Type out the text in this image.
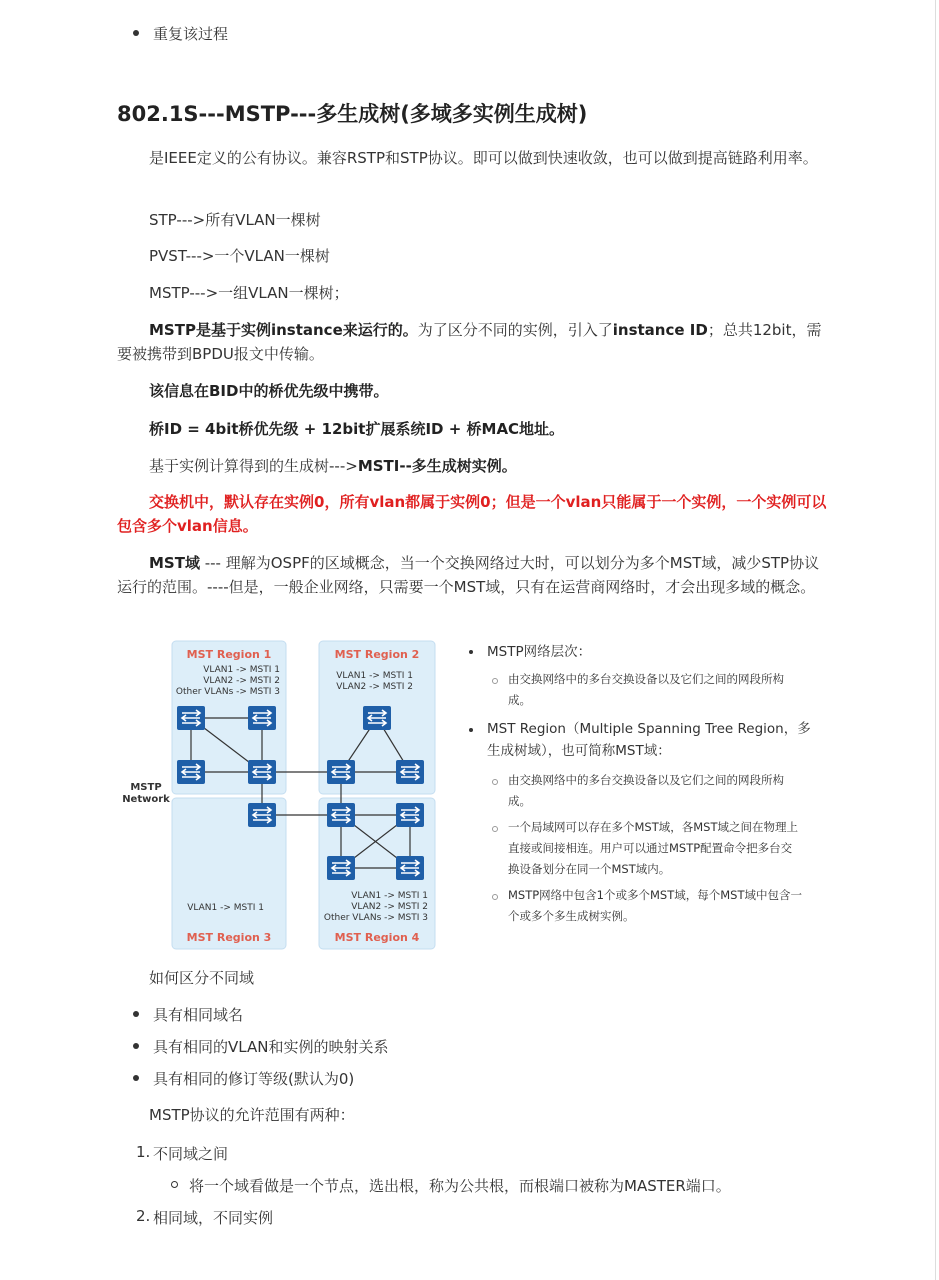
重复该过程
802.1S---MSTP---多生成树(多域多实例生成树)
是IEEE定义的公有协议。兼容RSTP和STP协议。即可以做到快速收敛，也可以做到提高链路利用率。
STP--->所有VLAN一棵树
PVST--->一个VLAN一棵树
MSTP--->一组VLAN一棵树；
MSTP是基于实例instance来运行的。为了区分不同的实例，引入了instance ID；总共12bit，需要被携带到BPDU报文中传输。
该信息在BID中的桥优先级中携带。
桥ID = 4bit桥优先级 + 12bit扩展系统ID + 桥MAC地址。
基于实例计算得到的生成树--->MSTI--多生成树实例。
交换机中，默认存在实例0，所有vlan都属于实例0；但是一个vlan只能属于一个实例，一个实例可以包含多个vlan信息。
MST域 --- 理解为OSPF的区域概念，当一个交换网络过大时，可以划分为多个MST域，减少STP协议运行的范围。----但是，一般企业网络，只需要一个MST域，只有在运营商网络时，才会出现多域的概念。
MST Region 1
VLAN1 -> MSTI 1
VLAN2 -> MSTI 2
Other VLANs -> MSTI 3
MST Region 2
VLAN1 -> MSTI 1
VLAN2 -> MSTI 2
VLAN1 -> MSTI 1
MST Region 3
VLAN1 -> MSTI 1
VLAN2 -> MSTI 2
Other VLANs -> MSTI 3
MST Region 4
MSTP
Network
MSTP网络层次：
由交换网络中的多台交换设备以及它们之间的网段所构成。
MST Region（Multiple Spanning Tree Region，多生成树域），也可简称MST域：
由交换网络中的多台交换设备以及它们之间的网段所构成。
一个局域网可以存在多个MST域，各MST域之间在物理上直接或间接相连。用户可以通过MSTP配置命令把多台交换设备划分在同一个MST域内。
MSTP网络中包含1个或多个MST域，每个MST域中包含一个或多个多生成树实例。
如何区分不同域
具有相同域名
具有相同的VLAN和实例的映射关系
具有相同的修订等级(默认为0)
MSTP协议的允许范围有两种：
1. 不同域之间
将一个域看做是一个节点，选出根，称为公共根，而根端口被称为MASTER端口。
2. 相同域，不同实例
